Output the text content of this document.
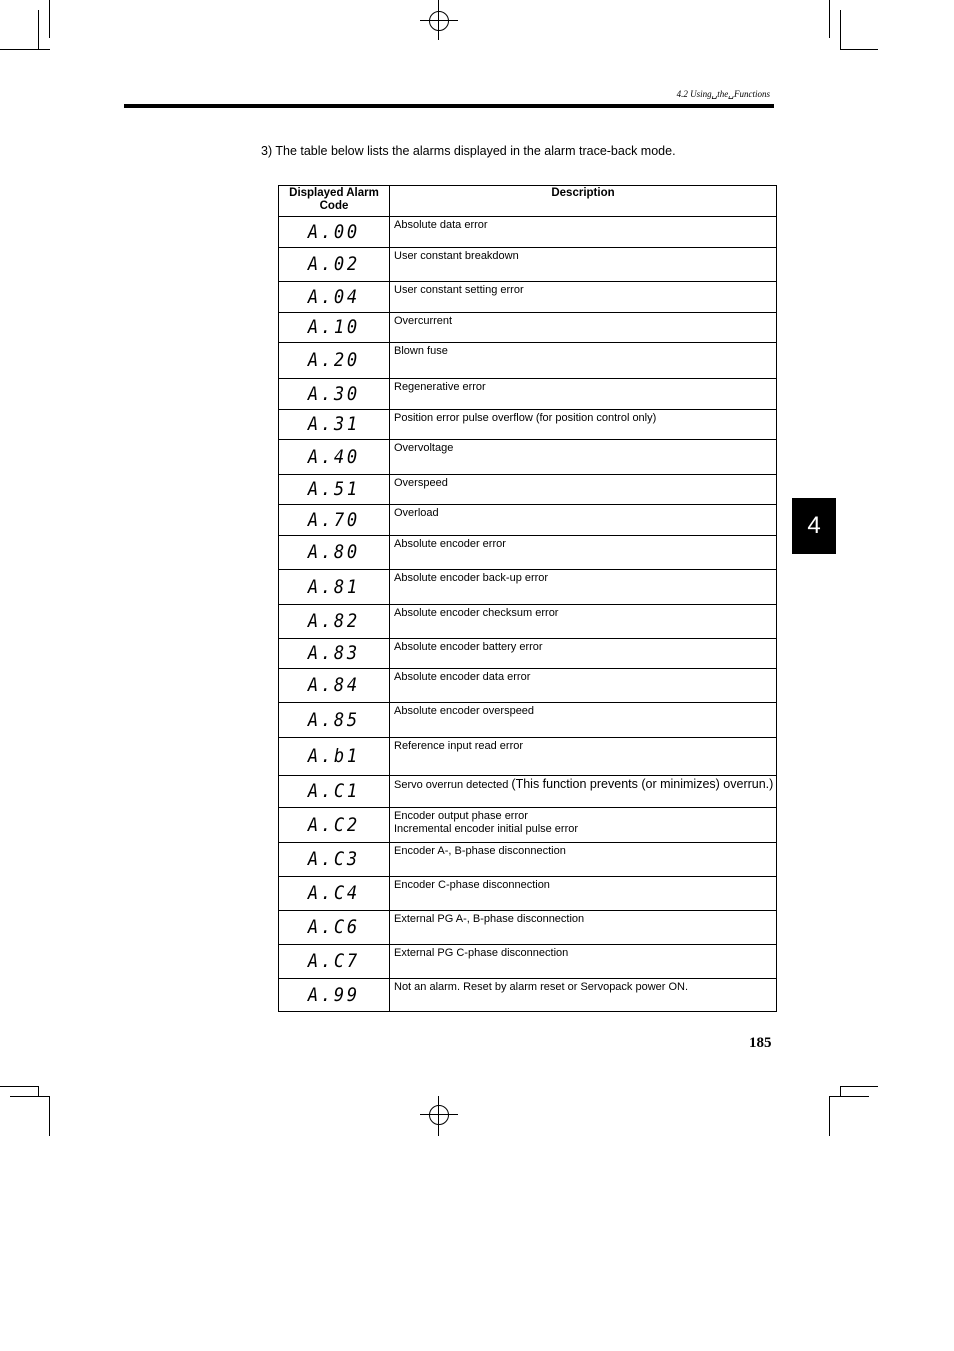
4.2 Using␣the␣Functions
3) The table below lists the alarms displayed in the alarm trace-back mode.
Displayed Alarm Code	Description
A.00	Absolute data error
A.02	User constant breakdown
A.04	User constant setting error
A.10	Overcurrent
A.20	Blown fuse
A.30	Regenerative error
A.31	Position error pulse overflow (for position control only)
A.40	Overvoltage
A.51	Overspeed
A.70	Overload
A.80	Absolute encoder error
A.81	Absolute encoder back-up error
A.82	Absolute encoder checksum error
A.83	Absolute encoder battery error
A.84	Absolute encoder data error
A.85	Absolute encoder overspeed
A.b1	Reference input read error
A.C1	Servo overrun detected (This function prevents (or minimizes) overrun.)
A.C2	Encoder output phase error
Incremental encoder initial pulse error
A.C3	Encoder A-, B-phase disconnection
A.C4	Encoder C-phase disconnection
A.C6	External PG A-, B-phase disconnection
A.C7	External PG C-phase disconnection
A.99	Not an alarm. Reset by alarm reset or Servopack power ON.
4
185
